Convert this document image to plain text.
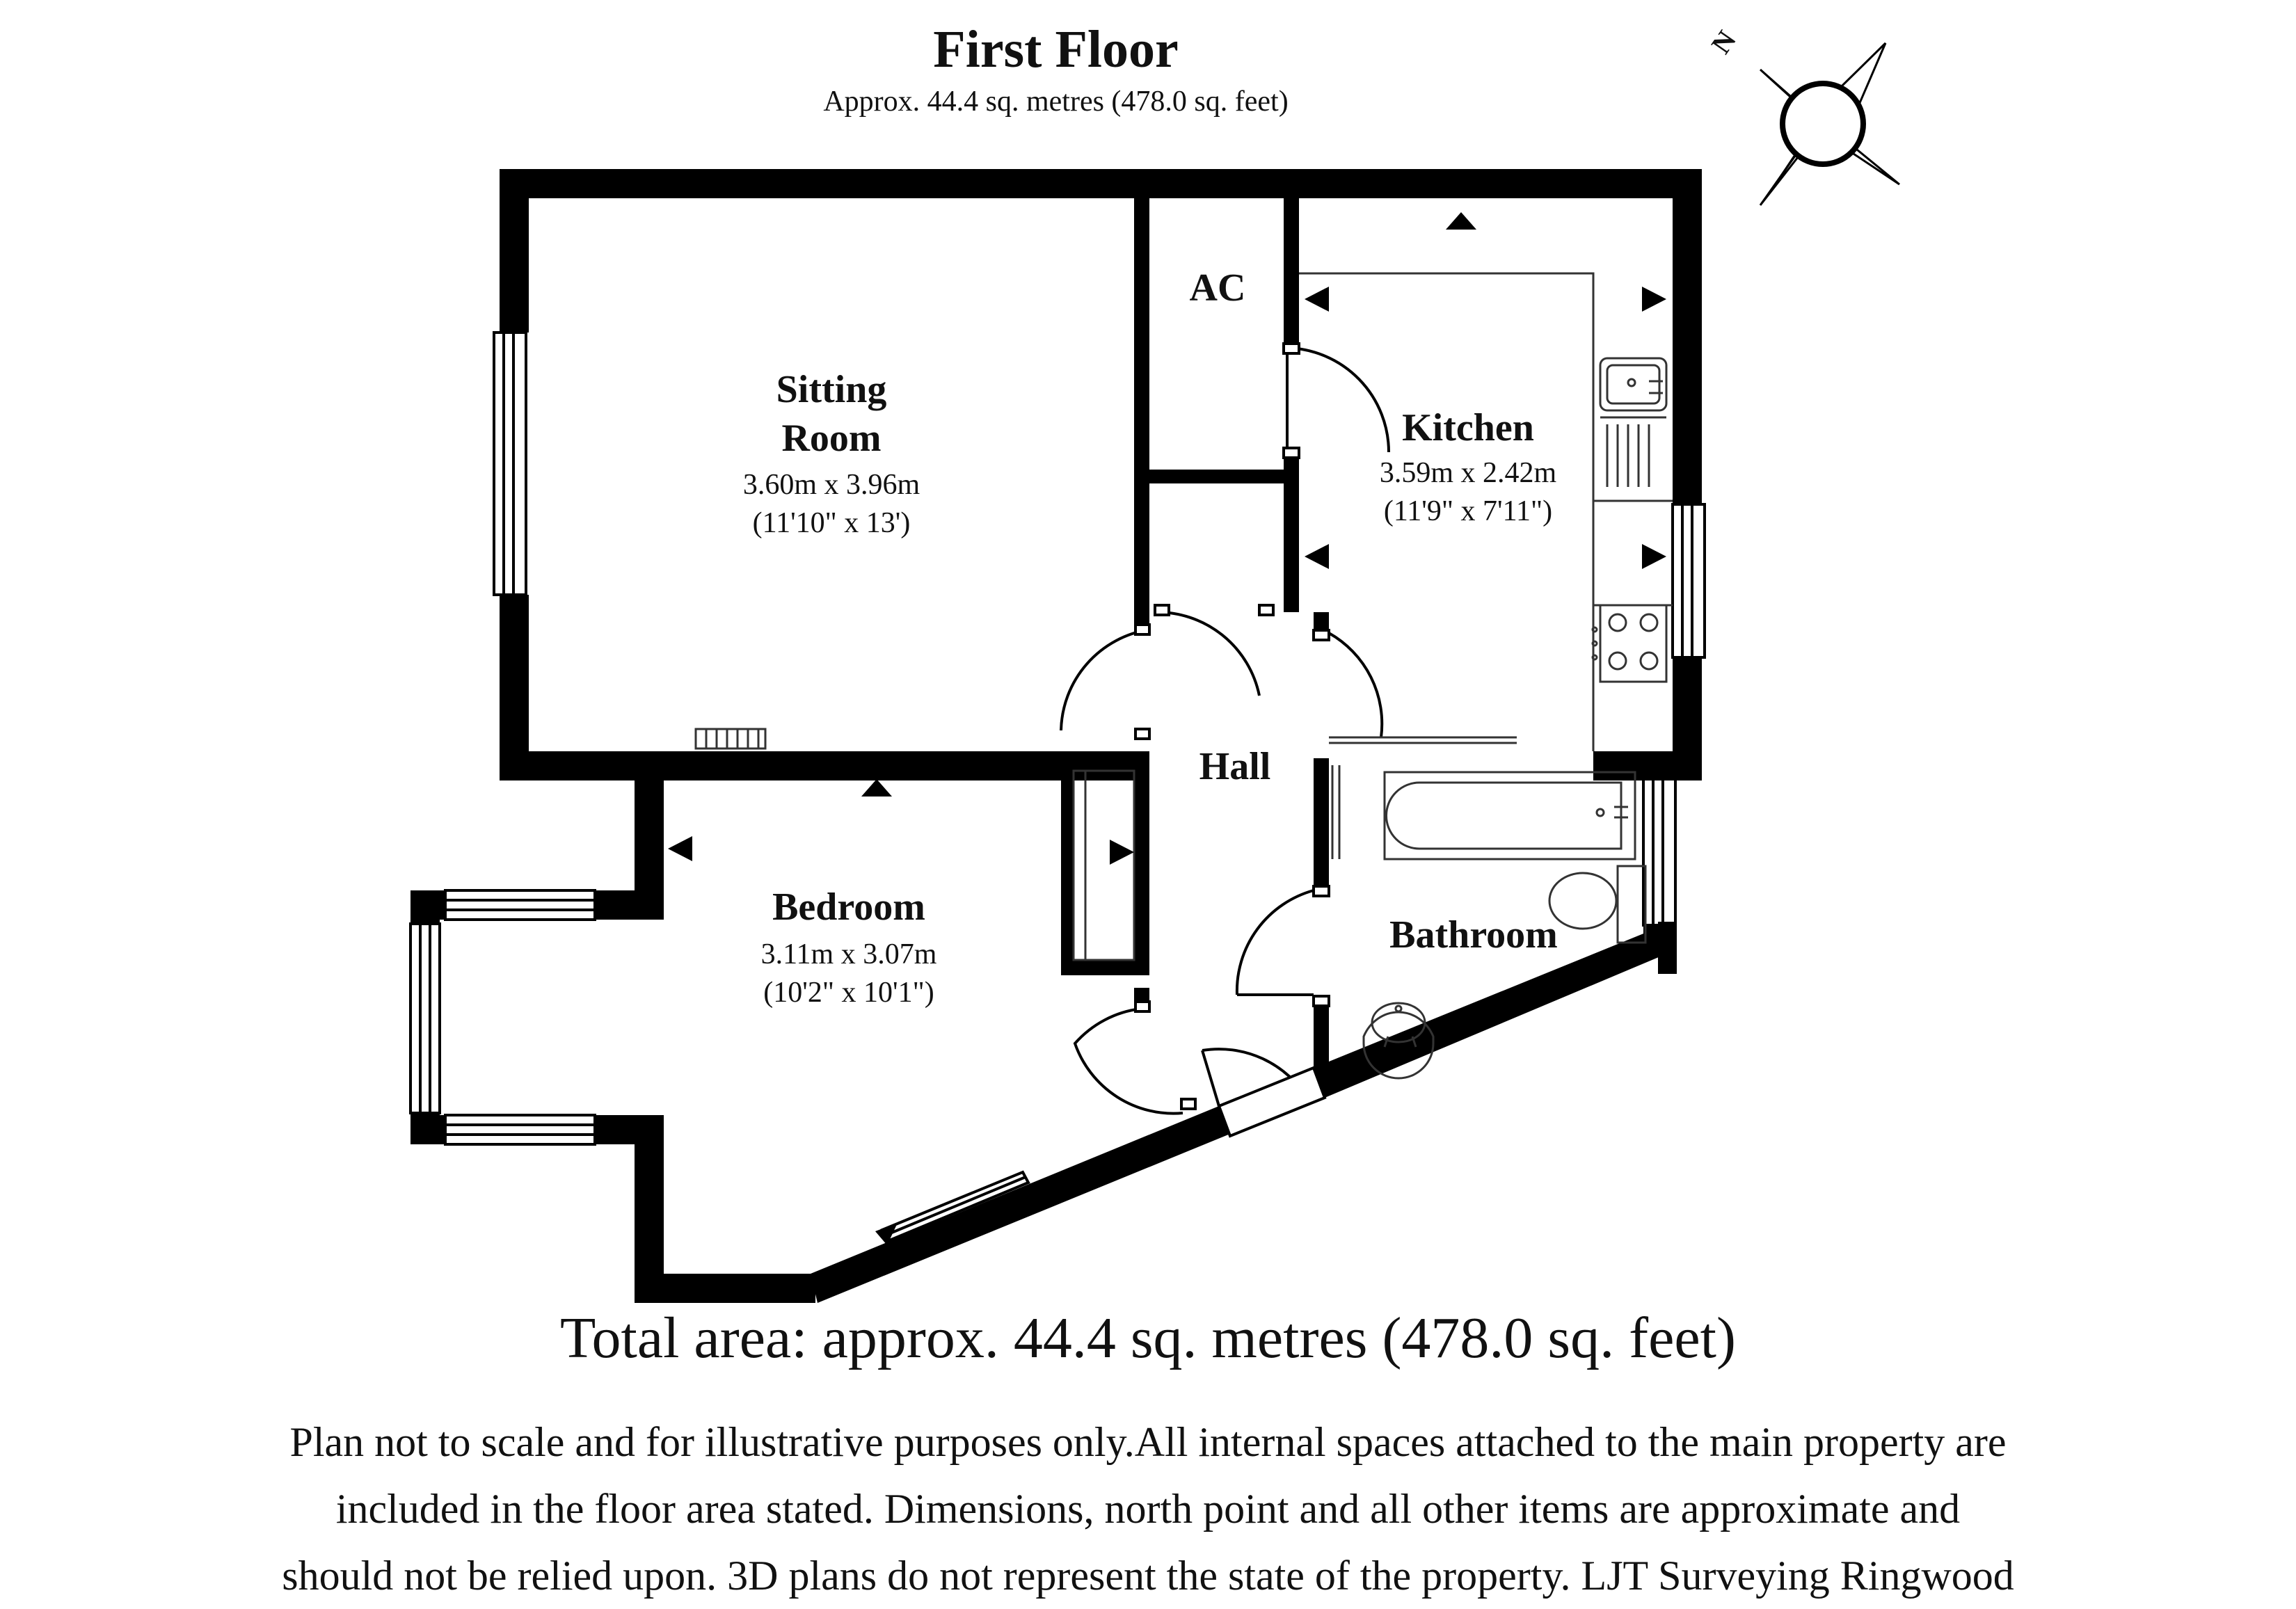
First Floor
Approx. 44.4 sq. metres (478.0 sq. feet)
N
Sitting
Room
3.60m x 3.96m
(11'10" x 13')
AC
Kitchen
3.59m x 2.42m
(11'9" x 7'11")
Hall
Bedroom
3.11m x 3.07m
(10'2" x 10'1")
Bathroom
Total area: approx. 44.4 sq. metres (478.0 sq. feet)
Plan not to scale and for illustrative purposes only.All internal spaces attached to the main property are
included in the floor area stated. Dimensions, north point and all other items are approximate and
should not be relied upon. 3D plans do not represent the state of the property. LJT Surveying Ringwood
